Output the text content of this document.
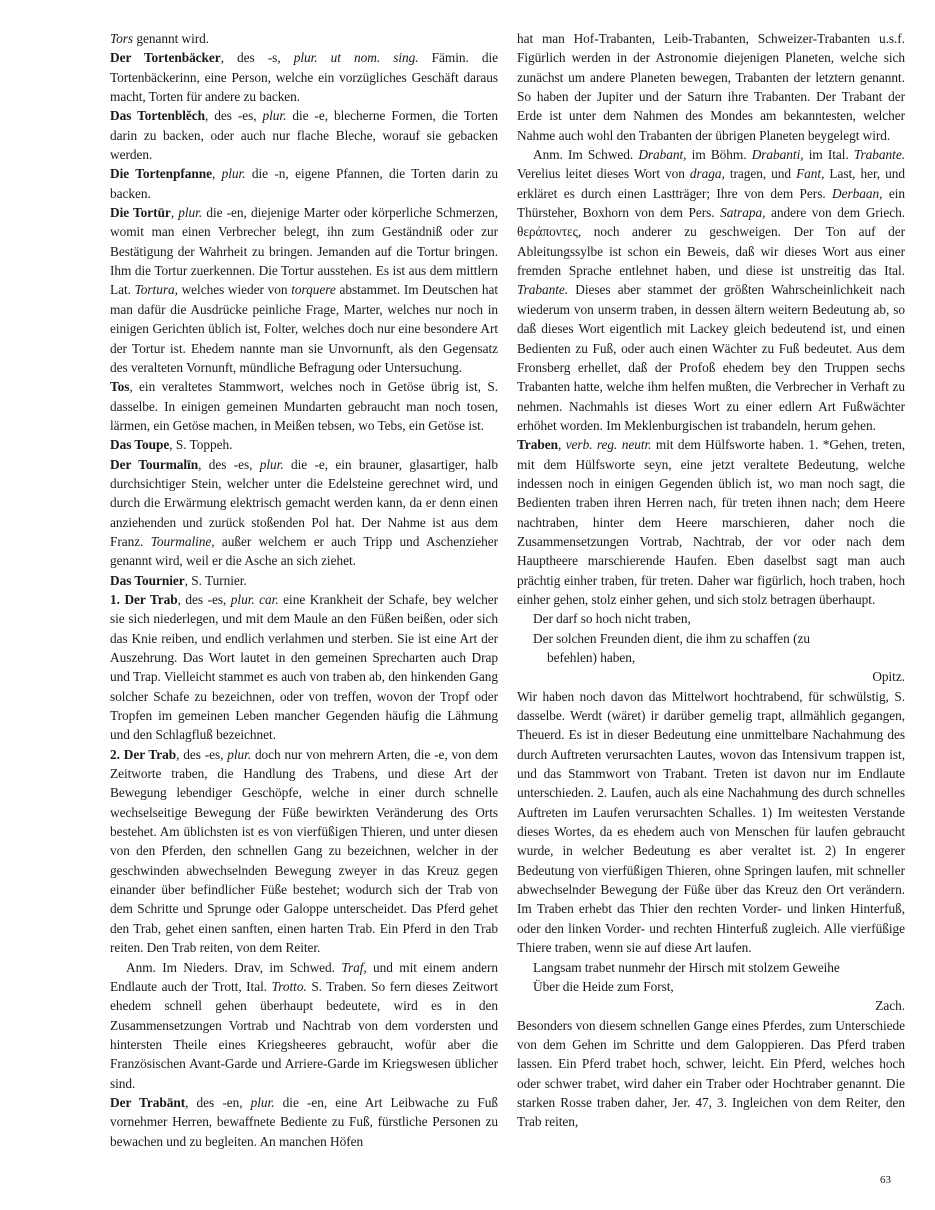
Tors genannt wird.

Der Tortenbäcker, des -s, plur. ut nom. sing. Fämin. die Tortenbäckerinn, eine Person, welche ein vorzügliches Geschäft daraus macht, Torten für andere zu backen.

Das Tortenblĕch, des -es, plur. die -e, blecherne Formen, die Torten darin zu backen, oder auch nur flache Bleche, worauf sie gebacken werden.

Die Tortenpfanne, plur. die -n, eigene Pfannen, die Torten darin zu backen.

Die Tortūr, plur. die -en, diejenige Marter oder körperliche Schmerzen, womit man einen Verbrecher belegt, ihn zum Geständniß oder zur Bestätigung der Wahrheit zu bringen. Jemanden auf die Tortur bringen. Ihm die Tortur zuerkennen. Die Tortur ausstehen. Es ist aus dem mittlern Lat. Tortura, welches wieder von torquere abstammet. Im Deutschen hat man dafür die Ausdrücke peinliche Frage, Marter, welches nur noch in einigen Gerichten üblich ist, Folter, welches doch nur eine besondere Art der Tortur ist. Ehedem nannte man sie Unvornunft, als den Gegensatz des veralteten Vornunft, mündliche Befragung oder Untersuchung.

Tos, ein veraltetes Stammwort, welches noch in Getöse übrig ist, S. dasselbe. In einigen gemeinen Mundarten gebraucht man noch tosen, lärmen, ein Getöse machen, in Meißen tebsen, wo Tebs, ein Getöse ist.

Das Toupe, S. Toppeh.

Der Tourmalīn, des -es, plur. die -e, ein brauner, glasartiger, halb durchsichtiger Stein, welcher unter die Edelsteine gerechnet wird, und durch die Erwärmung elektrisch gemacht werden kann, da er denn einen anziehenden und zurück stoßenden Pol hat. Der Nahme ist aus dem Franz. Tourmaline, außer welchem er auch Tripp und Aschenzieher genannt wird, weil er die Asche an sich ziehet.

Das Tournier, S. Turnier.

1. Der Trab, des -es, plur. car. eine Krankheit der Schafe, bey welcher sie sich niederlegen, und mit dem Maule an den Füßen beißen, oder sich das Knie reiben, und endlich verlahmen und sterben. Sie ist eine Art der Auszehrung. Das Wort lautet in den gemeinen Sprecharten auch Drap und Trap. Vielleicht stammet es auch von traben ab, den hinkenden Gang solcher Schafe zu bezeichnen, oder von treffen, wovon der Tropf oder Tropfen im gemeinen Leben mancher Gegenden häufig die Lähmung und den Schlagfluß bezeichnet.

2. Der Trab, des -es, plur. doch nur von mehrern Arten, die -e, von dem Zeitworte traben, die Handlung des Trabens, und diese Art der Bewegung lebendiger Geschöpfe, welche in einer durch schnelle wechselseitige Bewegung der Füße bewirkten Veränderung des Orts bestehet. Am üblichsten ist es von vierfüßigen Thieren, und unter diesen von den Pferden, den schnellen Gang zu bezeichnen, welcher in der geschwinden abwechselnden Bewegung zweyer in das Kreuz gegen einander über befindlicher Füße bestehet; wodurch sich der Trab von dem Schritte und Sprunge oder Galoppe unterscheidet. Das Pferd gehet den Trab, gehet einen sanften, einen harten Trab. Ein Pferd in den Trab reiten. Den Trab reiten, von dem Reiter.

Anm. Im Nieders. Drav, im Schwed. Traf, und mit einem andern Endlaute auch der Trott, Ital. Trotto. S. Traben. So fern dieses Zeitwort ehedem schnell gehen überhaupt bedeutete, wird es in den Zusammensetzungen Vortrab und Nachtrab von dem vordersten und hintersten Theile eines Kriegsheeres gebraucht, wofür aber die Französischen Avant-Garde und Arriere-Garde im Kriegswesen üblicher sind.

Der Trabānt, des -en, plur. die -en, eine Art Leibwache zu Fuß vornehmer Herren, bewaffnete Bediente zu Fuß, fürstliche Personen zu bewachen und zu begleiten. An manchen Höfen

hat man Hof-Trabanten, Leib-Trabanten, Schweizer-Trabanten u.s.f. Figürlich werden in der Astronomie diejenigen Planeten, welche sich zunächst um andere Planeten bewegen, Trabanten der letztern genannt. So haben der Jupiter und der Saturn ihre Trabanten. Der Trabant der Erde ist unter dem Nahmen des Mondes am bekanntesten, welcher Nahme auch wohl den Trabanten der übrigen Planeten beygelegt wird.

Anm. Im Schwed. Drabant, im Böhm. Drabanti, im Ital. Trabante. Verelius leitet dieses Wort von draga, tragen, und Fant, Last, her, und erkläret es durch einen Lastträger; Ihre von dem Pers. Derbaan, ein Thürsteher, Boxhorn von dem Pers. Satrapa, andere von dem Griech. θεράποντες, noch anderer zu geschweigen. Der Ton auf der Ableitungssylbe ist schon ein Beweis, daß wir dieses Wort aus einer fremden Sprache entlehnet haben, und diese ist unstreitig das Ital. Trabante. Dieses aber stammet der größten Wahrscheinlichkeit nach wiederum von unserm traben, in dessen ältern weitern Bedeutung ab, so daß dieses Wort eigentlich mit Lackey gleich bedeutend ist, und einen Bedienten zu Fuß, oder auch einen Wächter zu Fuß bedeutet. Aus dem Fronsberg erhellet, daß der Profoß ehedem bey den Truppen sechs Trabanten hatte, welche ihm helfen mußten, die Verbrecher in Verhaft zu nehmen. Nachmahls ist dieses Wort zu einer edlern Art Fußwächter erhöhet worden. Im Meklenburgischen ist trabandeln, herum gehen.

Traben, verb. reg. neutr. mit dem Hülfsworte haben. 1. *Gehen, treten, mit dem Hülfsworte seyn, eine jetzt veraltete Bedeutung, welche indessen noch in einigen Gegenden üblich ist, wo man noch sagt, die Bedienten traben ihren Herren nach, für treten ihnen nach; dem Heere nachtraben, hinter dem Heere marschieren, daher noch die Zusammensetzungen Vortrab, Nachtrab, der vor oder nach dem Hauptheere marschierende Haufen. Eben daselbst sagt man auch prächtig einher traben, für treten. Daher war figürlich, hoch traben, hoch einher gehen, stolz einher gehen, und sich stolz betragen überhaupt.

Der darf so hoch nicht traben,
Der solchen Freunden dient, die ihm zu schaffen (zu
befehlen) haben,
Opitz.

Wir haben noch davon das Mittelwort hochtrabend, für schwülstig, S. dasselbe. Werdt (wäret) ir darüber gemelig trapt, allmählich gegangen, Theuerd. Es ist in dieser Bedeutung eine unmittelbare Nachahmung des durch Auftreten verursachten Lautes, wovon das Intensivum trappen ist, und das Stammwort von Trabant. Treten ist davon nur im Endlaute unterschieden. 2. Laufen, auch als eine Nachahmung des durch schnelles Auftreten im Laufen verursachten Schalles. 1) Im weitesten Verstande dieses Wortes, da es ehedem auch von Menschen für laufen gebraucht wurde, in welcher Bedeutung es aber veraltet ist. 2) In engerer Bedeutung von vierfüßigen Thieren, ohne Springen laufen, mit schneller abwechselnder Bewegung der Füße über das Kreuz den Ort verändern. Im Traben erhebt das Thier den rechten Vorder- und linken Hinterfuß, oder den linken Vorder- und rechten Hinterfuß zugleich. Alle vierfüßige Thiere traben, wenn sie auf diese Art laufen.

Langsam trabet nunmehr der Hirsch mit stolzem Geweihe
Über die Heide zum Forst,
Zach.

Besonders von diesem schnellen Gange eines Pferdes, zum Unterschiede von dem Gehen im Schritte und dem Galoppieren. Das Pferd traben lassen. Ein Pferd trabet hoch, schwer, leicht. Ein Pferd, welches hoch oder schwer trabet, wird daher ein Traber oder Hochtraber genannt. Die starken Rosse traben daher, Jer. 47, 3. Ingleichen von dem Reiter, den Trab reiten,

63
